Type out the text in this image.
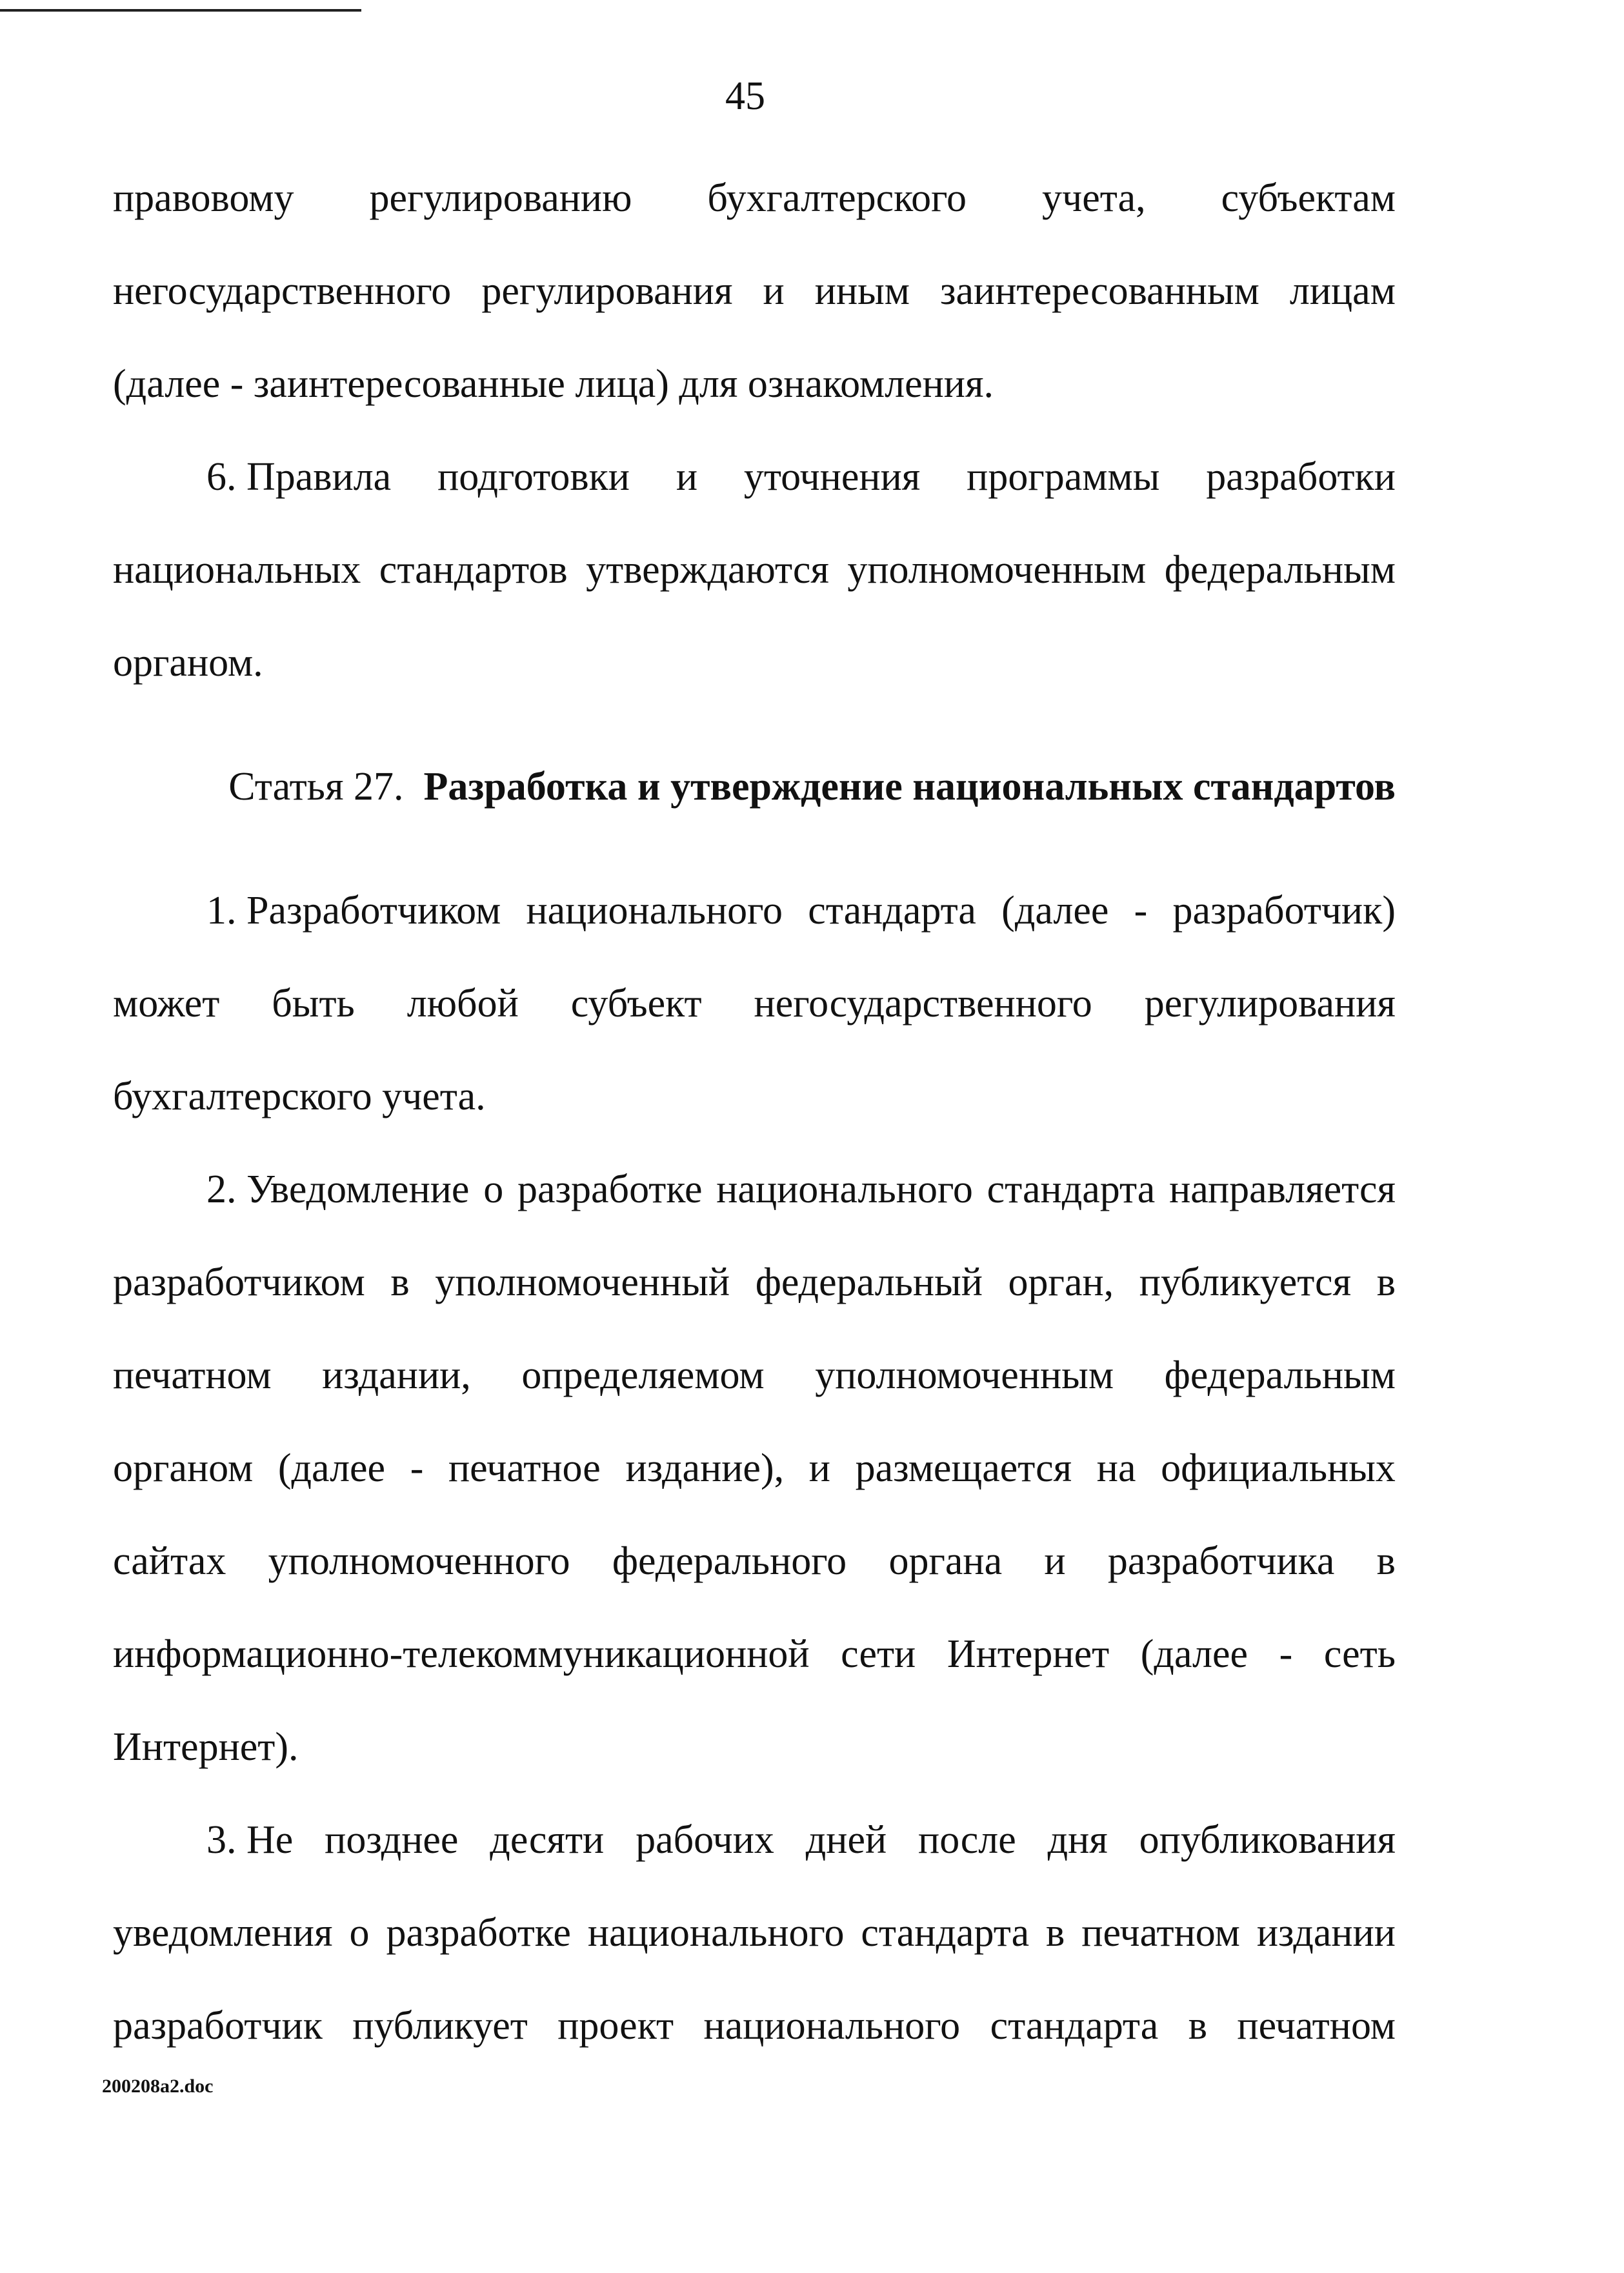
45
правовому регулированию бухгалтерского учета, субъектам
негосударственного регулирования и иным заинтересованным лицам
(далее - заинтересованные лица) для ознакомления.
6. Правила подготовки и уточнения программы разработки
национальных стандартов утверждаются уполномоченным федеральным
органом.
Статья 27. Разработка и утверждение национальных стандартов
1. Разработчиком национального стандарта (далее - разработчик)
может быть любой субъект негосударственного регулирования
бухгалтерского учета.
2. Уведомление о разработке национального стандарта направляется
разработчиком в уполномоченный федеральный орган, публикуется в
печатном издании, определяемом уполномоченным федеральным
органом (далее - печатное издание), и размещается на официальных
сайтах уполномоченного федерального органа и разработчика в
информационно-телекоммуникационной сети Интернет (далее - сеть
Интернет).
3. Не позднее десяти рабочих дней после дня опубликования
уведомления о разработке национального стандарта в печатном издании
разработчик публикует проект национального стандарта в печатном
200208a2.doc
